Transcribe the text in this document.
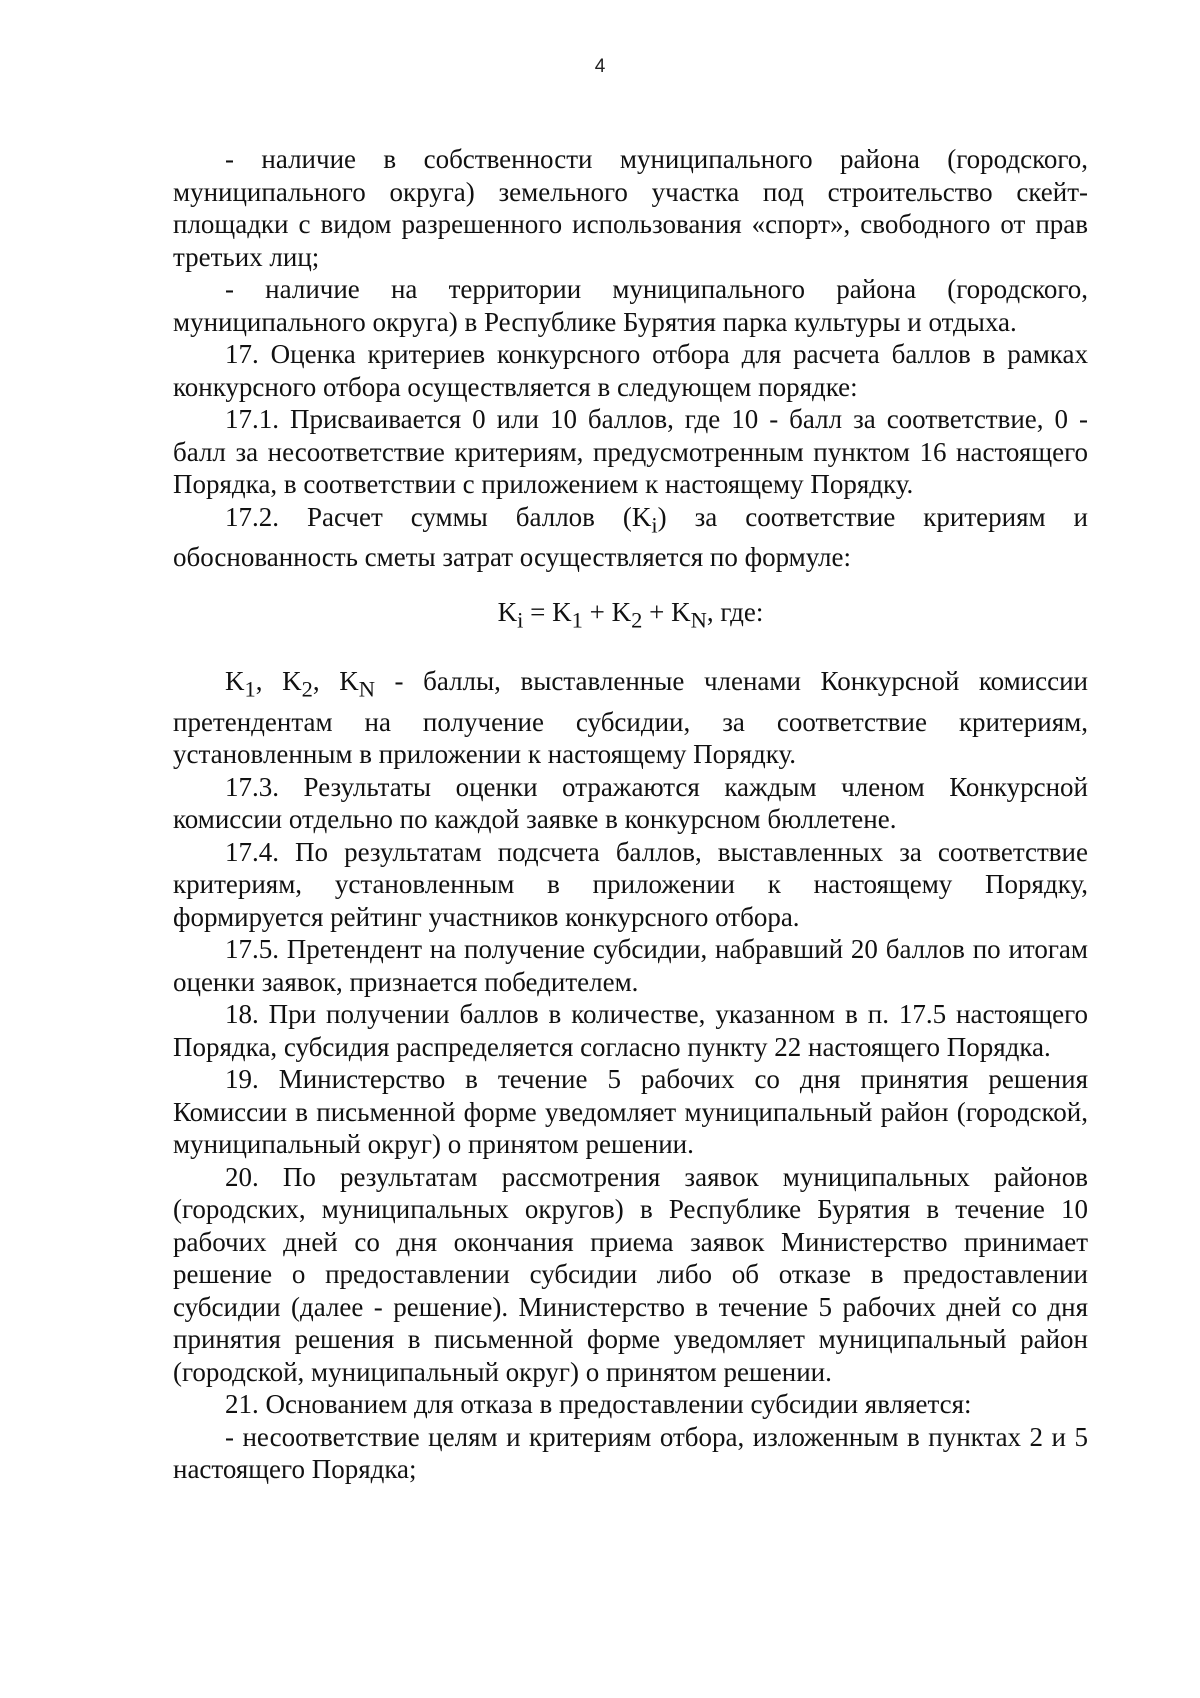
4

- наличие в собственности муниципального района (городского, муниципального округа) земельного участка под строительство скейт-площадки с видом разрешенного использования «спорт», свободного от прав третьих лиц;

- наличие на территории муниципального района (городского, муниципального округа) в Республике Бурятия парка культуры и отдыха.

17. Оценка критериев конкурсного отбора для расчета баллов в рамках конкурсного отбора осуществляется в следующем порядке:

17.1. Присваивается 0 или 10 баллов, где 10 - балл за соответствие, 0 - балл за несоответствие критериям, предусмотренным пунктом 16 настоящего Порядка, в соответствии с приложением к настоящему Порядку.

17.2. Расчет суммы баллов $(K_i)$ за соответствие критериям и обоснованность сметы затрат осуществляется по формуле:

$K_i = K_1 + K_2 + K_N$, где:

$K_1$, $K_2$, $K_N$ - баллы, выставленные членами Конкурсной комиссии претендентам на получение субсидии, за соответствие критериям, установленным в приложении к настоящему Порядку.

17.3. Результаты оценки отражаются каждым членом Конкурсной комиссии отдельно по каждой заявке в конкурсном бюллетене.

17.4. По результатам подсчета баллов, выставленных за соответствие критериям, установленным в приложении к настоящему Порядку, формируется рейтинг участников конкурсного отбора.

17.5. Претендент на получение субсидии, набравший 20 баллов по итогам оценки заявок, признается победителем.

18. При получении баллов в количестве, указанном в п. 17.5 настоящего Порядка, субсидия распределяется согласно пункту 22 настоящего Порядка.

19. Министерство в течение 5 рабочих со дня принятия решения Комиссии в письменной форме уведомляет муниципальный район (городской, муниципальный округ) о принятом решении.

20. По результатам рассмотрения заявок муниципальных районов (городских, муниципальных округов) в Республике Бурятия в течение 10 рабочих дней со дня окончания приема заявок Министерство принимает решение о предоставлении субсидии либо об отказе в предоставлении субсидии (далее - решение). Министерство в течение 5 рабочих дней со дня принятия решения в письменной форме уведомляет муниципальный район (городской, муниципальный округ) о принятом решении.

21. Основанием для отказа в предоставлении субсидии является:

- несоответствие целям и критериям отбора, изложенным в пунктах 2 и 5 настоящего Порядка;
